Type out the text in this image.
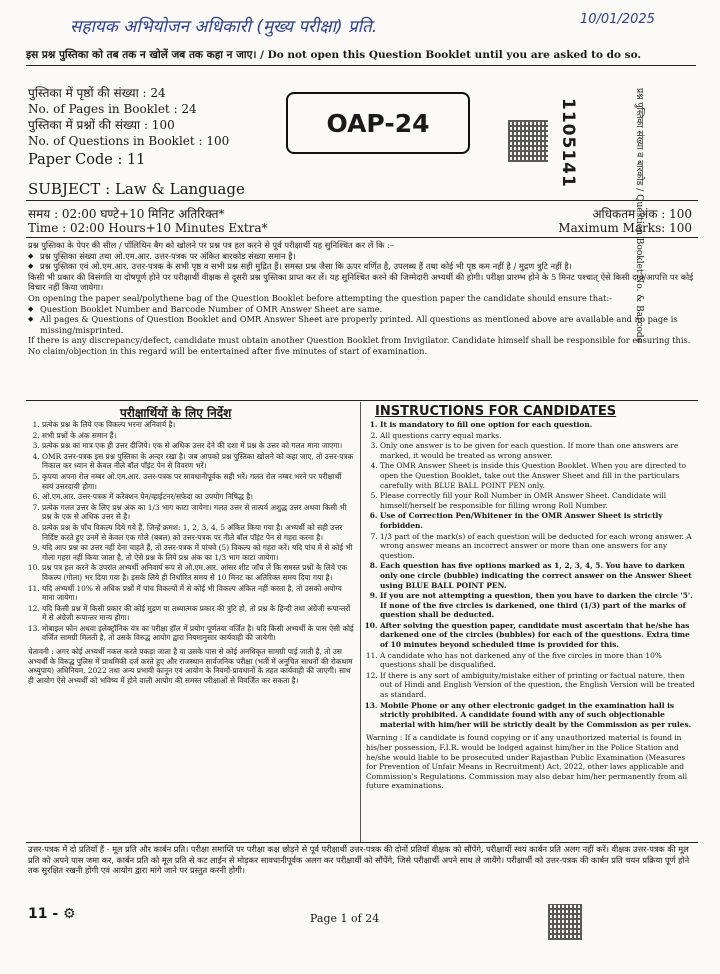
सहायक अभियोजन अधिकारी (मुख्य परीक्षा) प्रति.	10/01/2025
इस प्रश्न पुस्तिका को तब तक न खोलें जब तक कहा न जाए। / Do not open this Question Booklet until you are asked to do so.
पुस्तिका में पृष्ठों की संख्या : 24
No. of Pages in Booklet : 24
पुस्तिका में प्रश्नों की संख्या : 100
No. of Questions in Booklet : 100
Paper Code : 11
OAP-24	1105141	प्रश्न पुस्तिका संख्या व बारकोड / Question Booklet No. & Barcode
SUBJECT : Law & Language
समय : 02:00 घण्टे+10 मिनिट अतिरिक्त*
Time : 02:00 Hours+10 Minutes Extra*
अधिकतम अंक : 100
Maximum Marks: 100

प्रश्न पुस्तिका के पेपर की सील / पॉलिथिन बैग को खोलने पर प्रश्न पत्र हल करने से पूर्व परीक्षार्थी यह सुनिश्चित कर लें कि :–

◆ प्रश्न पुस्तिका संख्या तथा ओ.एम.आर. उत्तर-पत्रक पर अंकित बारकोड संख्या समान है।

◆ प्रश्न पुस्तिका एवं ओ.एम.आर. उत्तर-पत्रक के सभी पृष्ठ व सभी प्रश्न सही मुद्रित हैं। समस्त प्रश्न जैसा कि ऊपर वर्णित है, उपलब्ध हैं तथा कोई भी पृष्ठ कम नहीं है / मुद्रण त्रुटि नहीं है।

किसी भी प्रकार की विसंगति या दोषपूर्ण होने पर परीक्षार्थी वीक्षक से दूसरी प्रश्न पुस्तिका प्राप्त कर लें। यह सुनिश्चित करने की जिम्मेदारी अभ्यर्थी की होगी। परीक्षा प्रारम्भ होने के 5 मिनट पश्चात् ऐसे किसी दावे/आपत्ति पर कोई विचार नहीं किया जायेगा।

On opening the paper seal/polythene bag of the Question Booklet before attempting the question paper the candidate should ensure that:-

◆ Question Booklet Number and Barcode Number of OMR Answer Sheet are same.

◆ All pages & Questions of Question Booklet and OMR Answer Sheet are properly printed. All questions as mentioned above are available and no page is missing/misprinted.

If there is any discrepancy/defect, candidate must obtain another Question Booklet from Invigilator. Candidate himself shall be responsible for ensuring this. No claim/objection in this regard will be entertained after five minutes of start of examination.

परीक्षार्थियों के लिए निर्देश	INSTRUCTIONS FOR CANDIDATES
1. प्रत्येक प्रश्न के लिये एक विकल्प भरना अनिवार्य है।
2. सभी प्रश्नों के अंक समान हैं।
3. प्रत्येक प्रश्न का मात्र एक ही उत्तर दीजिये। एक से अधिक उत्तर देने की दशा में प्रश्न के उत्तर को गलत माना जाएगा।
4. OMR उत्तर-पत्रक इस प्रश्न पुस्तिका के अन्दर रखा है। जब आपको प्रश्न पुस्तिका खोलने को कहा जाए, तो उत्तर-पत्रक निकाल कर ध्यान से केवल नीले बॉल पॉइंट पेन से विवरण भरें।
5. कृपया अपना रोल नम्बर ओ.एम.आर. उत्तर-पत्रक पर सावधानीपूर्वक सही भरें। गलत रोल नम्बर भरने पर परीक्षार्थी स्वयं उत्तरदायी होगा।
6. ओ.एम.आर. उत्तर-पत्रक में करेक्शन पेन/व्हाईटनर/सफेदा का उपयोग निषिद्ध है।
7. प्रत्येक गलत उत्तर के लिए प्रश्न अंक का 1/3 भाग काटा जायेगा। गलत उत्तर से तात्पर्य अशुद्ध उत्तर अथवा किसी भी प्रश्न के एक से अधिक उत्तर से है।
8. प्रत्येक प्रश्न के पाँच विकल्प दिये गये हैं, जिन्हें क्रमश: 1, 2, 3, 4, 5 अंकित किया गया है। अभ्यर्थी को सही उत्तर निर्दिष्ट करते हुए उनमें से केवल एक गोले (बबल) को उत्तर-पत्रक पर नीले बॉल पॉइंट पेन से गहरा करना है।
9. यदि आप प्रश्न का उत्तर नहीं देना चाहते हैं, तो उत्तर-पत्रक में पांचवे (5) विकल्प को गहरा करें। यदि पांच में से कोई भी गोला गहरा नहीं किया जाता है, तो ऐसे प्रश्न के लिये प्रश्न अंक का 1/3 भाग काटा जायेगा।
10. प्रश्न पत्र हल करने के उपरांत अभ्यर्थी अनिवार्य रूप से ओ.एम.आर. आंसर शीट जाँच लें कि समस्त प्रश्नों के लिये एक विकल्प (गोला) भर दिया गया है। इसके लिये ही निर्धारित समय से 10 मिनट का अतिरिक्त समय दिया गया है।
11. यदि अभ्यर्थी 10% से अधिक प्रश्नों में पांच विकल्पों में से कोई भी विकल्प अंकित नहीं करता है, तो उसको अयोग्य माना जायेगा।
12. यदि किसी प्रश्न में किसी प्रकार की कोई मुद्रण या तथ्यात्मक प्रकार की त्रुटि हो, तो प्रश्न के हिन्दी तथा अंग्रेजी रूपान्तरों में से अंग्रेजी रूपान्तर मान्य होगा।
13. मोबाइल फोन अथवा इलेक्ट्रॉनिक यंत्र का परीक्षा हॉल में प्रयोग पूर्णतया वर्जित है। यदि किसी अभ्यर्थी के पास ऐसी कोई वर्जित सामग्री मिलती है, तो उसके विरुद्ध आयोग द्वारा नियमानुसार कार्यवाही की जायेगी।

चेतावनी : अगर कोई अभ्यर्थी नकल करते पकड़ा जाता है या उसके पास से कोई अनधिकृत सामग्री पाई जाती है, तो उस अभ्यर्थी के विरुद्ध पुलिस में प्राथमिकी दर्ज करते हुए और राजस्थान सार्वजनिक परीक्षा (भर्ती में अनुचित साधनों की रोकथाम अध्युपाय) अधिनियम, 2022 तथा अन्य प्रभावी कानून एवं आयोग के नियमों-प्रावधानों के तहत कार्यवाही की जाएगी। साथ ही आयोग ऐसे अभ्यर्थी को भविष्य में होने वाली आयोग की समस्त परीक्षाओं से विवर्जित कर सकता है।

1. It is mandatory to fill one option for each question.
2. All questions carry equal marks.
3. Only one answer is to be given for each question. If more than one answers are marked, it would be treated as wrong answer.
4. The OMR Answer Sheet is inside this Question Booklet. When you are directed to open the Question Booklet, take out the Answer Sheet and fill in the particulars carefully with BLUE BALL POINT PEN only.
5. Please correctly fill your Roll Number in OMR Answer Sheet. Candidate will himself/herself be responsible for filling wrong Roll Number.
6. Use of Correction Pen/Whitener in the OMR Answer Sheet is strictly forbidden.
7. 1/3 part of the mark(s) of each question will be deducted for each wrong answer. A wrong answer means an incorrect answer or more than one answers for any question.
8. Each question has five options marked as 1, 2, 3, 4, 5. You have to darken only one circle (bubble) indicating the correct answer on the Answer Sheet using BLUE BALL POINT PEN.
9. If you are not attempting a question, then you have to darken the circle '5'. If none of the five circles is darkened, one third (1/3) part of the marks of question shall be deducted.
10. After solving the question paper, candidate must ascertain that he/she has darkened one of the circles (bubbles) for each of the questions. Extra time of 10 minutes beyond scheduled time is provided for this.
11. A candidate who has not darkened any of the five circles in more than 10% questions shall be disqualified.
12. If there is any sort of ambiguity/mistake either of printing or factual nature, then out of Hindi and English Version of the question, the English Version will be treated as standard.
13. Mobile Phone or any other electronic gadget in the examination hall is strictly prohibited. A candidate found with any of such objectionable material with him/her will be strictly dealt by the Commission as per rules.

Warning : If a candidate is found copying or if any unauthorized material is found in his/her possession, F.I.R. would be lodged against him/her in the Police Station and he/she would liable to be prosecuted under Rajasthan Public Examination (Measures for Prevention of Unfair Means in Recruitment) Act, 2022, other laws applicable and Commission's Regulations. Commission may also debar him/her permanently from all future examinations.

उत्तर-पत्रक में दो प्रतियाँ हैं - मूल प्रति और कार्बन प्रति। परीक्षा समाप्ति पर परीक्षा कक्ष छोड़ने से पूर्व परीक्षार्थी उत्तर-पत्रक की दोनों प्रतियाँ वीक्षक को सौंपेंगे, परीक्षार्थी स्वयं कार्बन प्रति अलग नहीं करें। वीक्षक उत्तर-पत्रक की मूल प्रति को अपने पास जमा कर, कार्बन प्रति को मूल प्रति से कट लाईन से मोड़कर सावधानीपूर्वक अलग कर परीक्षार्थी को सौंपेंगे, जिसे परीक्षार्थी अपने साथ ले जायेंगे। परीक्षार्थी को उत्तर-पत्रक की कार्बन प्रति चयन प्रक्रिया पूर्ण होने तक सुरक्षित रखनी होगी एवं आयोग द्वारा मांगे जाने पर प्रस्तुत करनी होगी।
11 - ⚙	Page 1 of 24
